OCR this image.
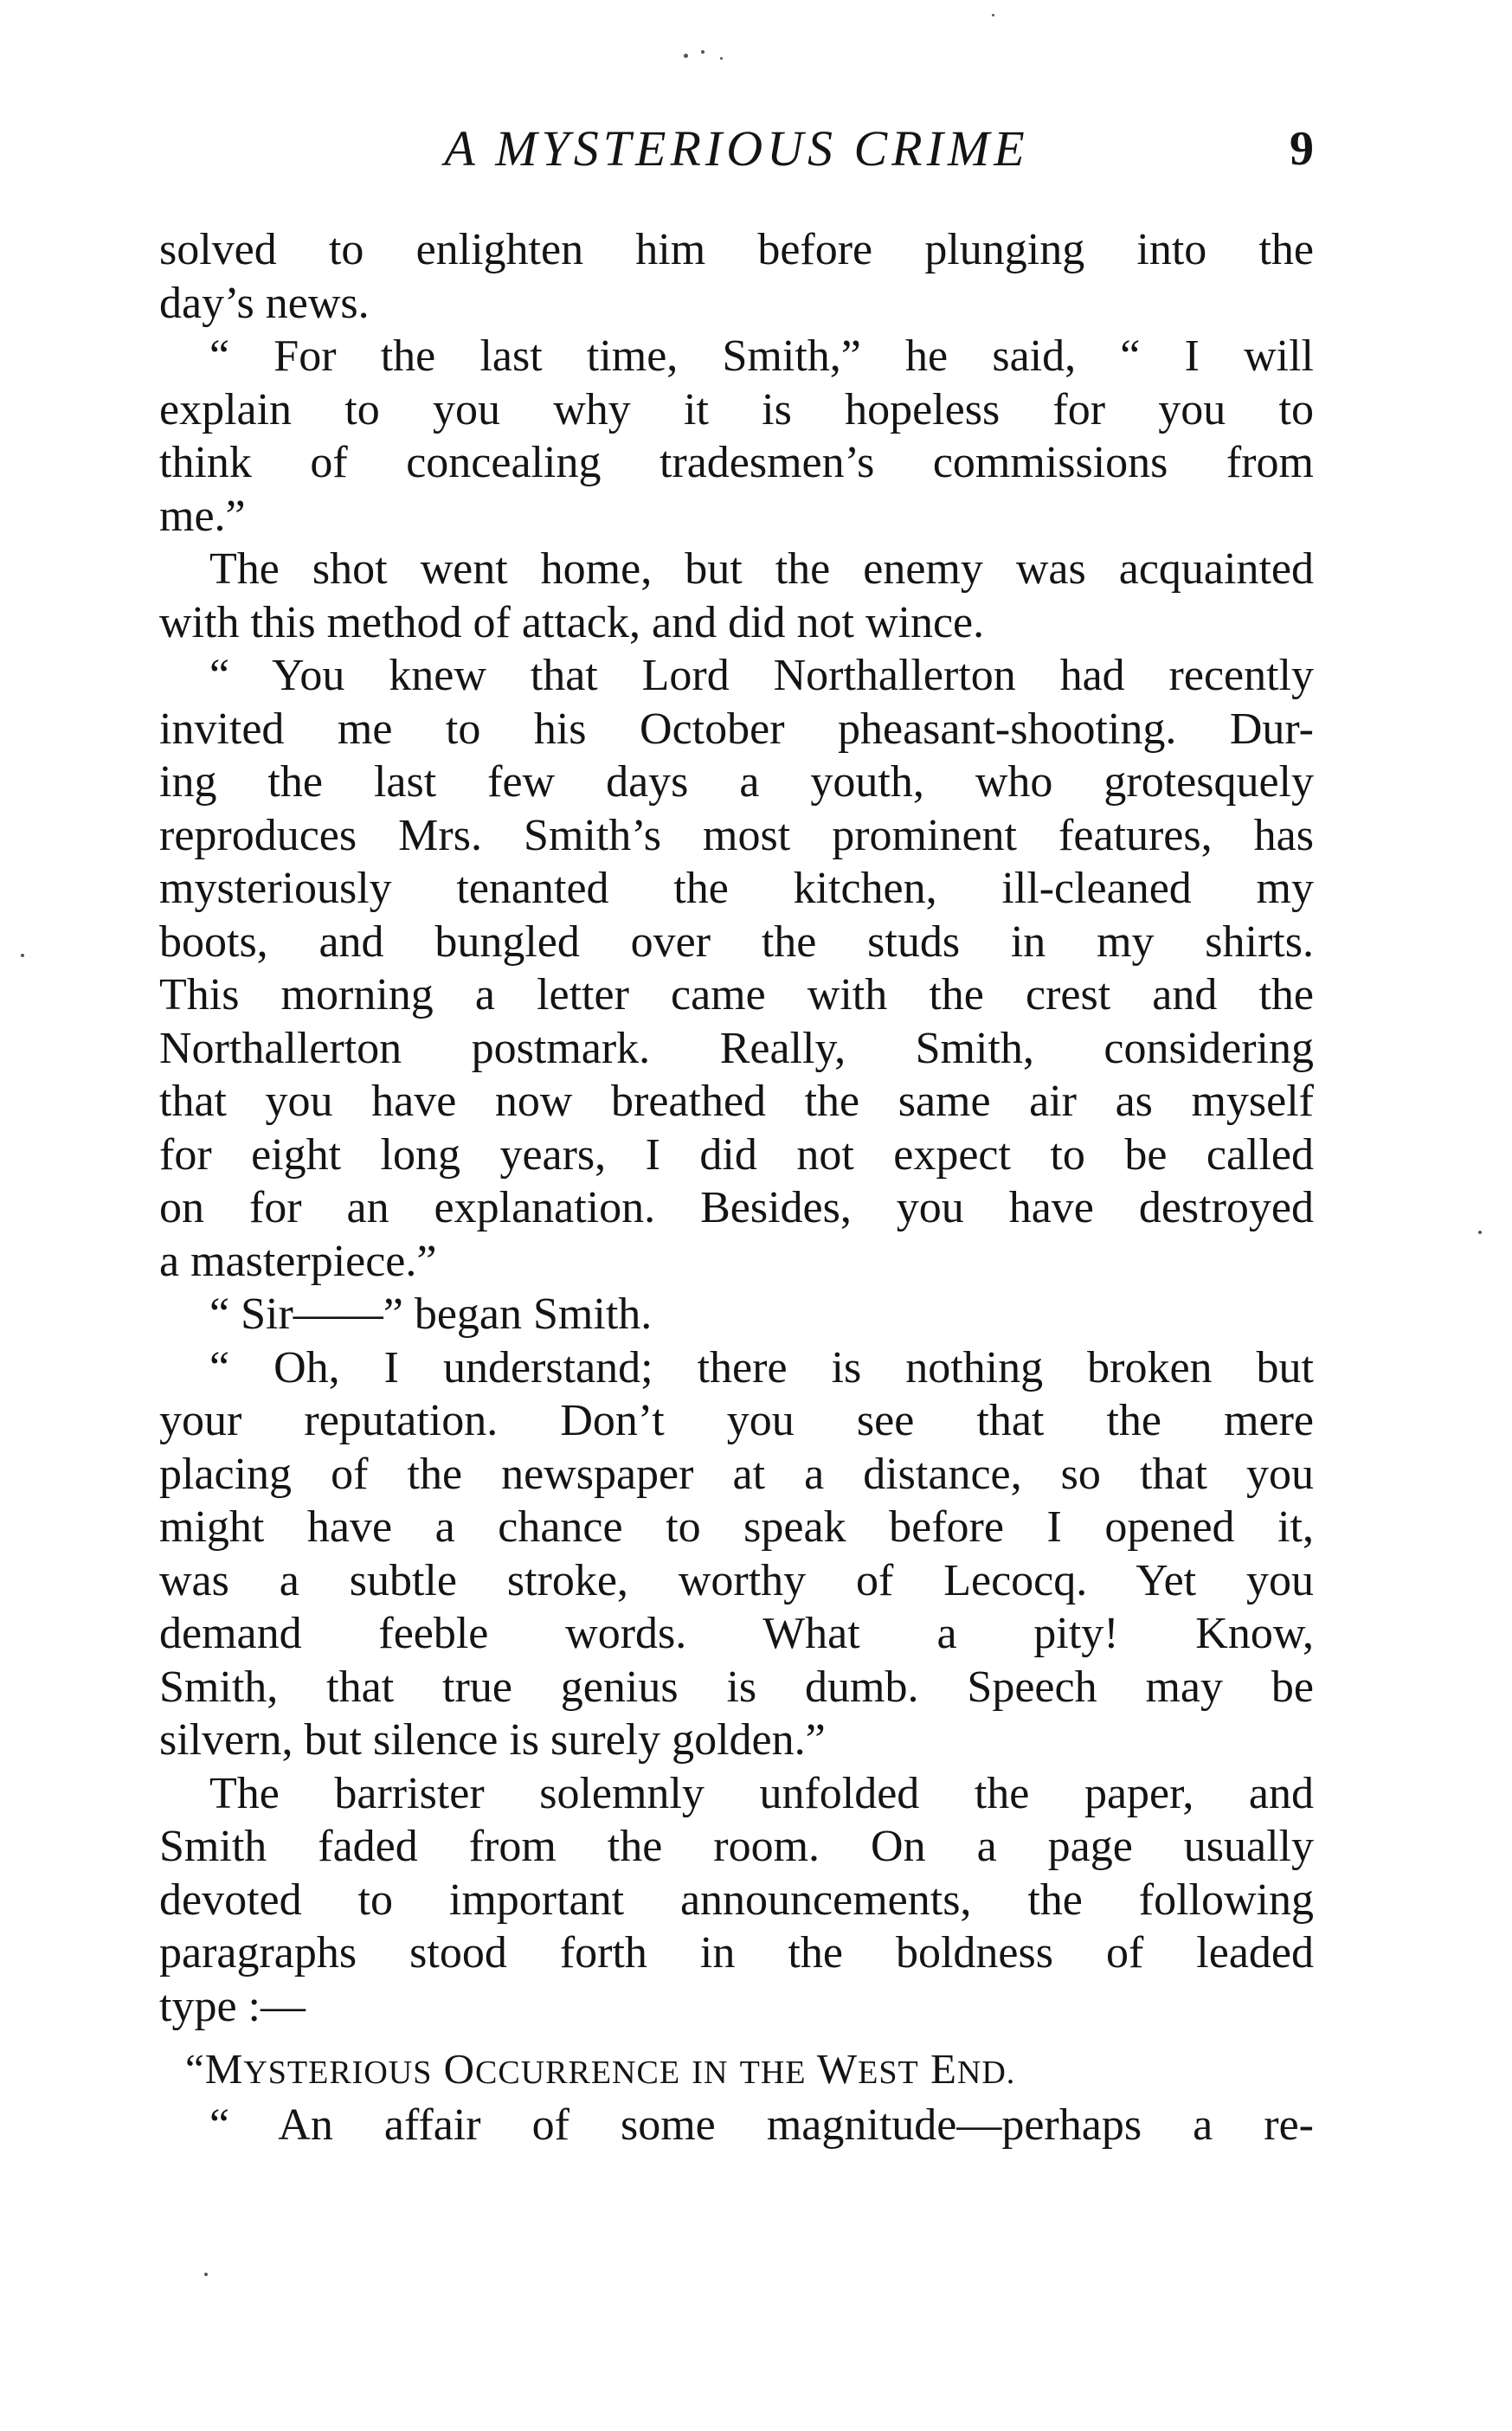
A MYSTERIOUS CRIME	9
solved to enlighten him before plunging into the
day’s news.
“ For the last time, Smith,” he said, “ I will
explain to you why it is hopeless for you to
think of concealing tradesmen’s commissions from
me.”
The shot went home, but the enemy was acquainted
with this method of attack, and did not wince.
“ You knew that Lord Northallerton had recently
invited me to his October pheasant-shooting. Dur-
ing the last few days a youth, who grotesquely
reproduces Mrs. Smith’s most prominent features, has
mysteriously tenanted the kitchen, ill-cleaned my
boots, and bungled over the studs in my shirts.
This morning a letter came with the crest and the
Northallerton postmark. Really, Smith, considering
that you have now breathed the same air as myself
for eight long years, I did not expect to be called
on for an explanation. Besides, you have destroyed
a masterpiece.”
“ Sir——” began Smith.
“ Oh, I understand; there is nothing broken but
your reputation. Don’t you see that the mere
placing of the newspaper at a distance, so that you
might have a chance to speak before I opened it,
was a subtle stroke, worthy of Lecocq. Yet you
demand feeble words. What a pity! Know,
Smith, that true genius is dumb. Speech may be
silvern, but silence is surely golden.”
The barrister solemnly unfolded the paper, and
Smith faded from the room. On a page usually
devoted to important announcements, the following
paragraphs stood forth in the boldness of leaded
type :—
“MYSTERIOUS OCCURRENCE IN THE WEST END.
“ An affair of some magnitude—perhaps a re-
